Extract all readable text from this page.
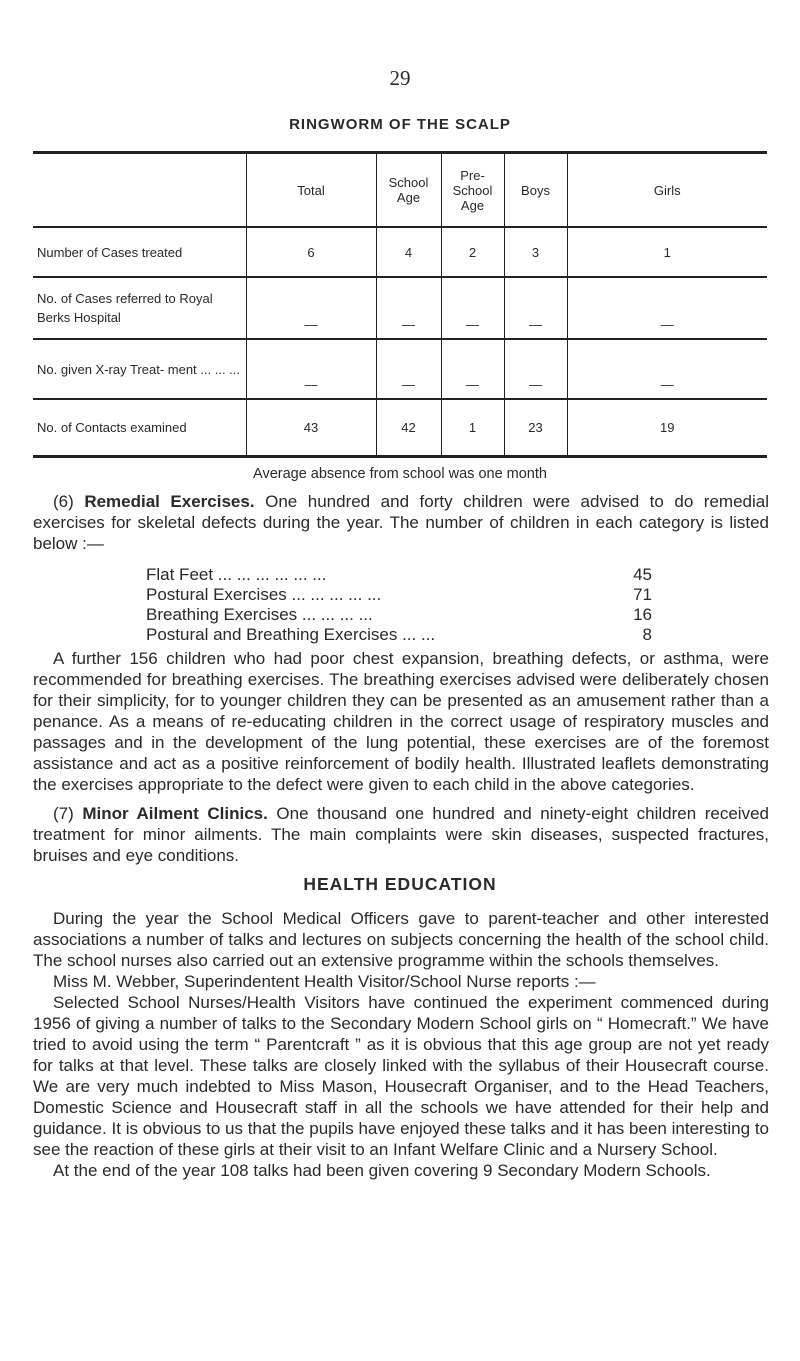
29
RINGWORM OF THE SCALP
	Total	School Age	Pre- School Age	Boys	Girls
Number of Cases treated	6	4	2	3	1
No. of Cases referred to Royal Berks Hospital	—	—	—	—	—
No. given X-ray Treat- ment ... ... ...	—	—	—	—	—
No. of Contacts examined	43	42	1	23	19
Average absence from school was one month

(6) Remedial Exercises. One hundred and forty children were advised to do remedial exercises for skeletal defects during the year. The number of children in each category is listed below :—

Flat Feet ... ... ... ... ... ...	45
Postural Exercises ... ... ... ... ...	71
Breathing Exercises ... ... ... ...	16
Postural and Breathing Exercises ... ...	8

A further 156 children who had poor chest expansion, breathing defects, or asthma, were recommended for breathing exercises. The breathing exercises advised were deliberately chosen for their simplicity, for to younger children they can be presented as an amusement rather than a penance. As a means of re-educating children in the correct usage of respiratory muscles and passages and in the development of the lung potential, these exercises are of the foremost assistance and act as a positive reinforcement of bodily health. Illustrated leaflets demonstrating the exercises appropriate to the defect were given to each child in the above categories.

(7) Minor Ailment Clinics. One thousand one hundred and ninety-eight children received treatment for minor ailments. The main complaints were skin diseases, suspected fractures, bruises and eye conditions.

HEALTH EDUCATION

During the year the School Medical Officers gave to parent-teacher and other interested associations a number of talks and lectures on subjects concerning the health of the school child. The school nurses also carried out an extensive programme within the schools themselves.

Miss M. Webber, Superindentent Health Visitor/School Nurse reports :—

Selected School Nurses/Health Visitors have continued the experiment commenced during 1956 of giving a number of talks to the Secondary Modern School girls on “ Homecraft.” We have tried to avoid using the term “ Parentcraft ” as it is obvious that this age group are not yet ready for talks at that level. These talks are closely linked with the syllabus of their Housecraft course. We are very much indebted to Miss Mason, Housecraft Organiser, and to the Head Teachers, Domestic Science and Housecraft staff in all the schools we have attended for their help and guidance. It is obvious to us that the pupils have enjoyed these talks and it has been interesting to see the reaction of these girls at their visit to an Infant Welfare Clinic and a Nursery School.

At the end of the year 108 talks had been given covering 9 Secondary Modern Schools.
